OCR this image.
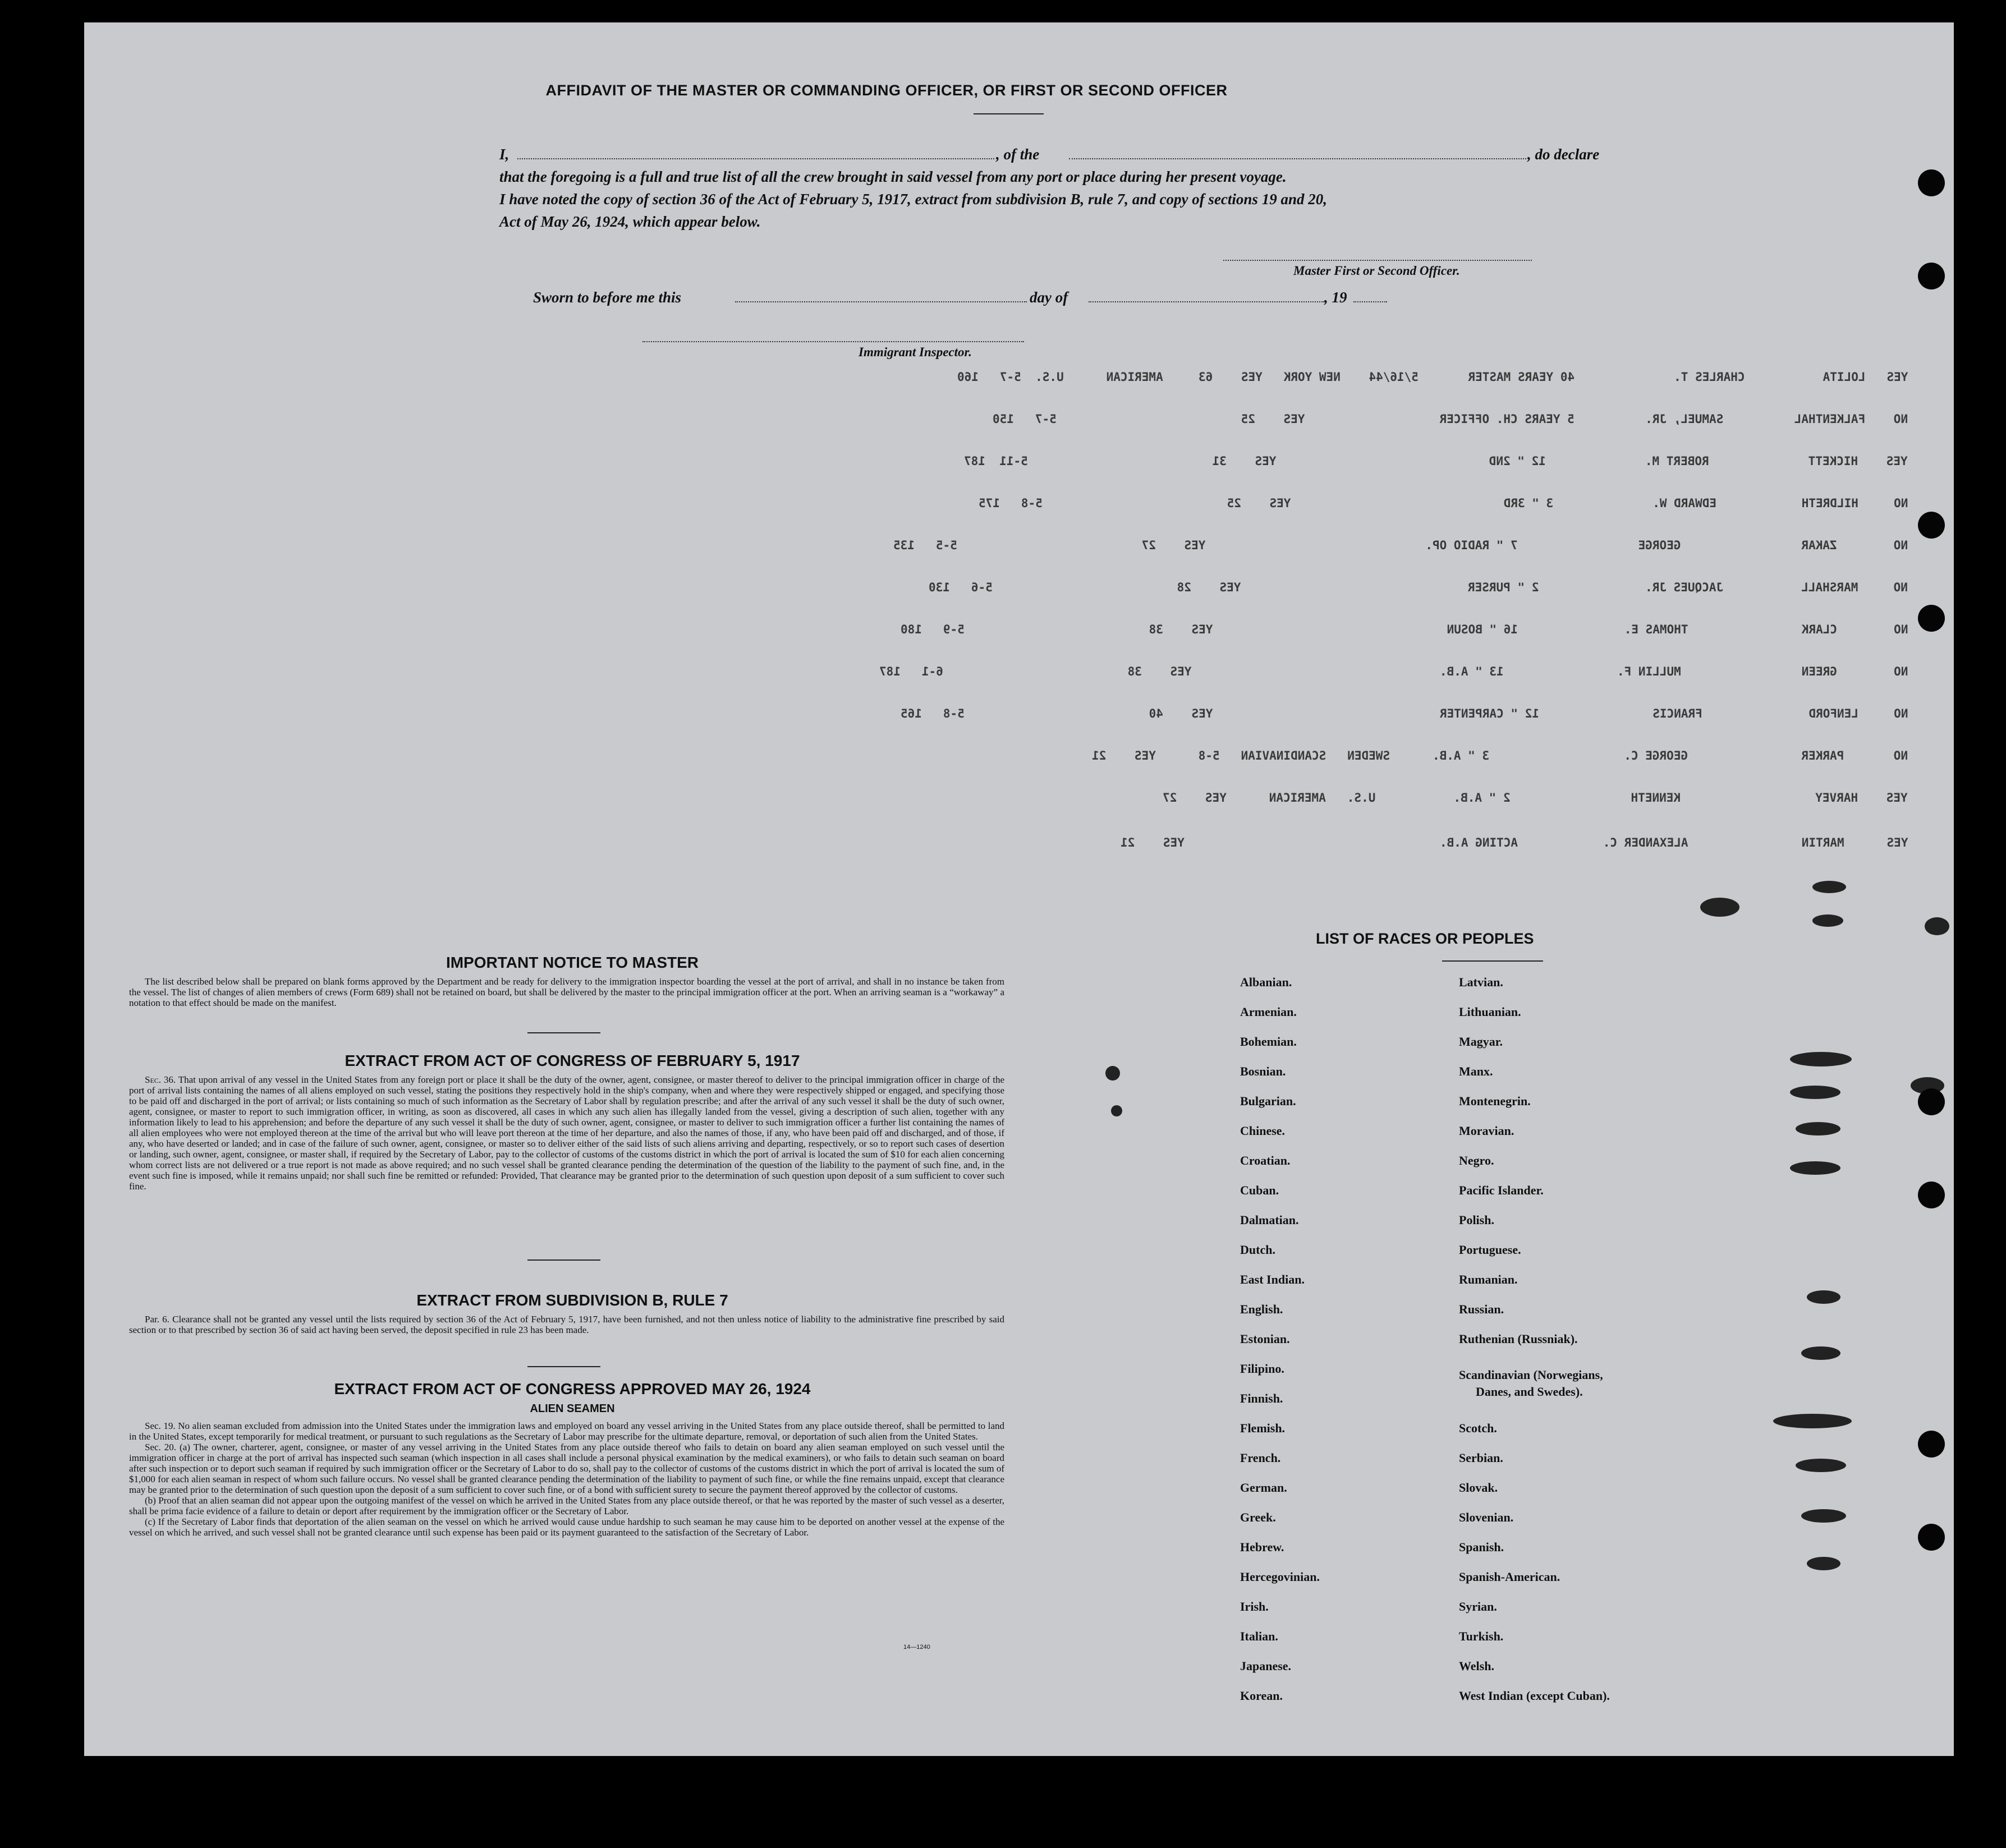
AFFIDAVIT OF THE MASTER OR COMMANDING OFFICER, OR FIRST OR SECOND OFFICER
I,	, of the	, do declare
that the foregoing is a full and true list of all the crew brought in said vessel from any port or place during her present voyage.
I have noted the copy of section 36 of the Act of February 5, 1917, extract from subdivision B, rule 7, and copy of sections 19 and 20,
Act of May 26, 1924, which appear below.
Master First or Second Officer.
Sworn to before me this	day of	, 19
Immigrant Inspector.
YES   LOLITA           CHARLES T.              40 YEARS MASTER       5/16/44    NEW YORK   YES    63     AMERICAN      U.S.  5-7   160
NO    FALKENTHAL          SAMUEL, JR.          5 YEARS CH. OFFICER                   YES    25                          5-7   150
YES    HICKETT              ROBERT M.              12 " 2ND                              YES    31                          5-11  187
NO     HILDRETH            EDWARD W.              3 " 3RD                              YES    25                          5-8   175
NO        ZAKAR                 GEORGE                 7 " RADIO OP.                               YES    27                          5-5   135
NO     MARSHALL           JACQUES JR.               2 " PURSER                                YES    28                          5-6   130
NO        CLARK                THOMAS E.               16 " BOSUN                                 YES    38                          5-9   180
NO        GREEN                 MULLIN F.                13 " A.B.                                   YES    38                          6-1   187
NO     LENFORD               FRANCIS                12 " CARPENTER                                YES    40                          5-8   165
NO       PARKER                GEORGE C.                   3 " A.B.      SWEDEN   SCANDINAVIAN   5-8      YES    21
YES    HARVEY                   KENNETH                 2 " A.B.           U.S.   AMERICAN      YES    27
YES      MARTIN                ALEXANDER C.            ACTING A.B.                                    YES    21
IMPORTANT NOTICE TO MASTER

The list described below shall be prepared on blank forms approved by the Department and be ready for delivery to the immigration inspector boarding the vessel at the port of arrival, and shall in no instance be taken from the vessel. The list of changes of alien members of crews (Form 689) shall not be retained on board, but shall be delivered by the master to the principal immigration officer at the port. When an arriving seaman is a “workaway” a notation to that effect should be made on the manifest.

EXTRACT FROM ACT OF CONGRESS OF FEBRUARY 5, 1917

Sec. 36. That upon arrival of any vessel in the United States from any foreign port or place it shall be the duty of the owner, agent, consignee, or master thereof to deliver to the principal immigration officer in charge of the port of arrival lists containing the names of all aliens employed on such vessel, stating the positions they respectively hold in the ship's company, when and where they were respectively shipped or engaged, and specifying those to be paid off and discharged in the port of arrival; or lists containing so much of such information as the Secretary of Labor shall by regulation prescribe; and after the arrival of any such vessel it shall be the duty of such owner, agent, consignee, or master to report to such immigration officer, in writing, as soon as discovered, all cases in which any such alien has illegally landed from the vessel, giving a description of such alien, together with any information likely to lead to his apprehension; and before the departure of any such vessel it shall be the duty of such owner, agent, consignee, or master to deliver to such immigration officer a further list containing the names of all alien employees who were not employed thereon at the time of the arrival but who will leave port thereon at the time of her departure, and also the names of those, if any, who have been paid off and discharged, and of those, if any, who have deserted or landed; and in case of the failure of such owner, agent, consignee, or master so to deliver either of the said lists of such aliens arriving and departing, respectively, or so to report such cases of desertion or landing, such owner, agent, consignee, or master shall, if required by the Secretary of Labor, pay to the collector of customs of the customs district in which the port of arrival is located the sum of $10 for each alien concerning whom correct lists are not delivered or a true report is not made as above required; and no such vessel shall be granted clearance pending the determination of the question of the liability to the payment of such fine, and, in the event such fine is imposed, while it remains unpaid; nor shall such fine be remitted or refunded: Provided, That clearance may be granted prior to the determination of such question upon deposit of a sum sufficient to cover such fine.

EXTRACT FROM SUBDIVISION B, RULE 7

Par. 6. Clearance shall not be granted any vessel until the lists required by section 36 of the Act of February 5, 1917, have been furnished, and not then unless notice of liability to the administrative fine prescribed by said section or to that prescribed by section 36 of said act having been served, the deposit specified in rule 23 has been made.

EXTRACT FROM ACT OF CONGRESS APPROVED MAY 26, 1924
ALIEN SEAMEN

Sec. 19. No alien seaman excluded from admission into the United States under the immigration laws and employed on board any vessel arriving in the United States from any place outside thereof, shall be permitted to land in the United States, except temporarily for medical treatment, or pursuant to such regulations as the Secretary of Labor may prescribe for the ultimate departure, removal, or deportation of such alien from the United States.

Sec. 20. (a) The owner, charterer, agent, consignee, or master of any vessel arriving in the United States from any place outside thereof who fails to detain on board any alien seaman employed on such vessel until the immigration officer in charge at the port of arrival has inspected such seaman (which inspection in all cases shall include a personal physical examination by the medical examiners), or who fails to detain such seaman on board after such inspection or to deport such seaman if required by such immigration officer or the Secretary of Labor to do so, shall pay to the collector of customs of the customs district in which the port of arrival is located the sum of $1,000 for each alien seaman in respect of whom such failure occurs. No vessel shall be granted clearance pending the determination of the liability to payment of such fine, or while the fine remains unpaid, except that clearance may be granted prior to the determination of such question upon the deposit of a sum sufficient to cover such fine, or of a bond with sufficient surety to secure the payment thereof approved by the collector of customs.

(b) Proof that an alien seaman did not appear upon the outgoing manifest of the vessel on which he arrived in the United States from any place outside thereof, or that he was reported by the master of such vessel as a deserter, shall be prima facie evidence of a failure to detain or deport after requirement by the immigration officer or the Secretary of Labor.

(c) If the Secretary of Labor finds that deportation of the alien seaman on the vessel on which he arrived would cause undue hardship to such seaman he may cause him to be deported on another vessel at the expense of the vessel on which he arrived, and such vessel shall not be granted clearance until such expense has been paid or its payment guaranteed to the satisfaction of the Secretary of Labor.

14—1240
LIST OF RACES OR PEOPLES
Albanian.
Armenian.
Bohemian.
Bosnian.
Bulgarian.
Chinese.
Croatian.
Cuban.
Dalmatian.
Dutch.
East Indian.
English.
Estonian.
Filipino.
Finnish.
Flemish.
French.
German.
Greek.
Hebrew.
Hercegovinian.
Irish.
Italian.
Japanese.
Korean.
Latvian.
Lithuanian.
Magyar.
Manx.
Montenegrin.
Moravian.
Negro.
Pacific Islander.
Polish.
Portuguese.
Rumanian.
Russian.
Ruthenian (Russniak).
Scandinavian (Norwegians,
Danes, and Swedes).
Scotch.
Serbian.
Slovak.
Slovenian.
Spanish.
Spanish-American.
Syrian.
Turkish.
Welsh.
West Indian (except Cuban).
